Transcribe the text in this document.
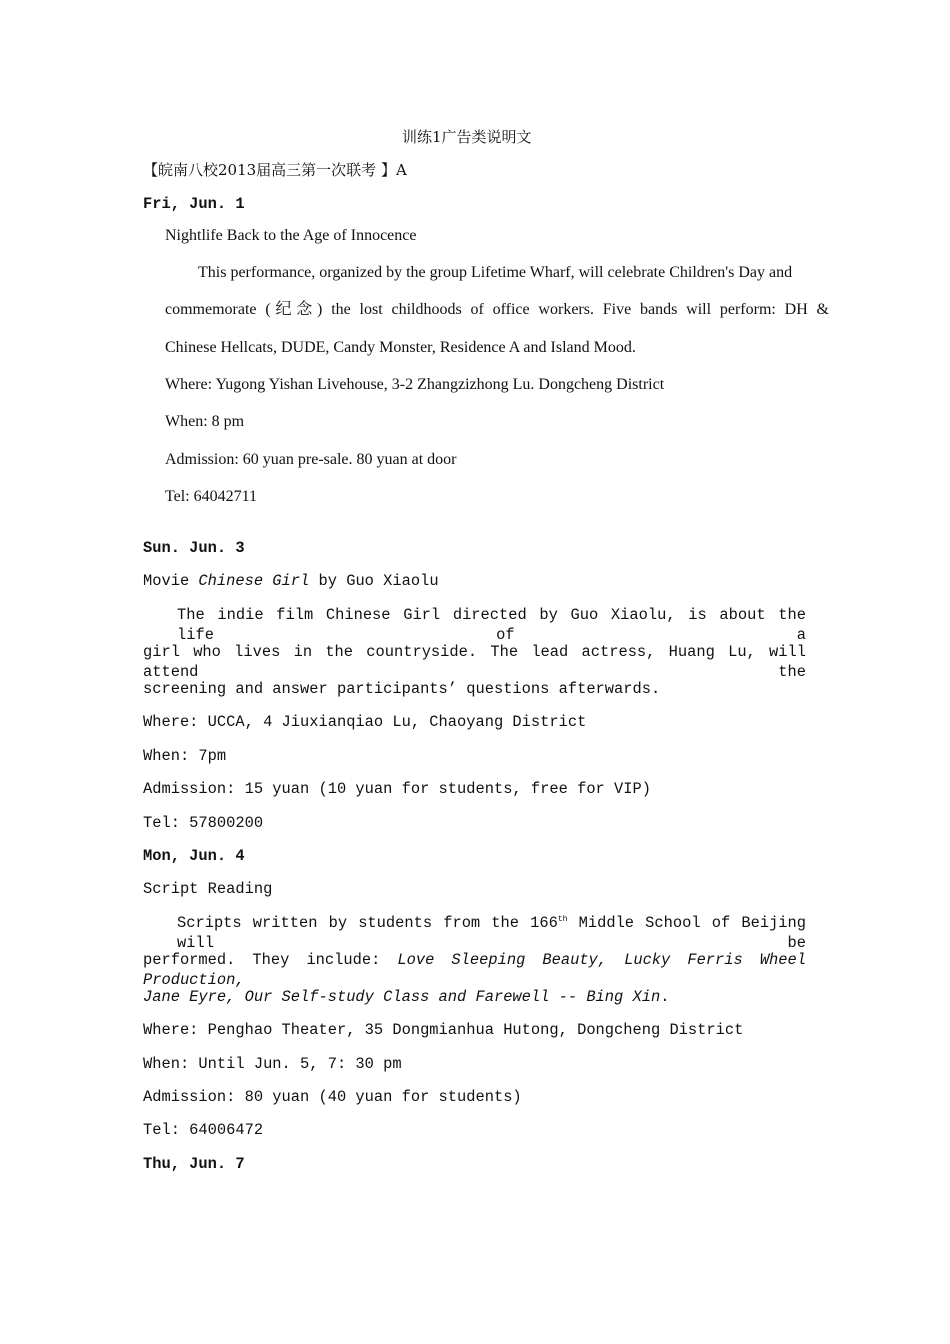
训练1广告类说明文
【皖南八校2013届高三第一次联考 】A
Fri, Jun. 1
Nightlife Back to the Age of Innocence
This performance, organized by the group Lifetime Wharf, will celebrate Children's Day and
commemorate (纪念) the lost childhoods of office workers. Five bands will perform: DH &
Chinese Hellcats, DUDE, Candy Monster, Residence A and Island Mood.
Where: Yugong Yishan Livehouse, 3-2 Zhangzizhong Lu. Dongcheng District
When: 8 pm
Admission: 60 yuan pre-sale. 80 yuan at door
Tel: 64042711
Sun. Jun. 3
Movie Chinese Girl by Guo Xiaolu
The indie film Chinese Girl directed by Guo Xiaolu, is about the life of a
girl who lives in the countryside. The lead actress, Huang Lu, will attend the
screening and answer participants’ questions afterwards.
Where: UCCA, 4 Jiuxianqiao Lu, Chaoyang District
When: 7pm
Admission: 15 yuan (10 yuan for students, free for VIP)
Tel: 57800200
Mon, Jun. 4
Script Reading
Scripts written by students from the 166th Middle School of Beijing will be
performed. They include: Love Sleeping Beauty, Lucky Ferris Wheel Production,
Jane Eyre, Our Self-study Class and Farewell -- Bing Xin.
Where: Penghao Theater, 35 Dongmianhua Hutong, Dongcheng District
When: Until Jun. 5, 7: 30 pm
Admission: 80 yuan (40 yuan for students)
Tel: 64006472
Thu, Jun. 7
